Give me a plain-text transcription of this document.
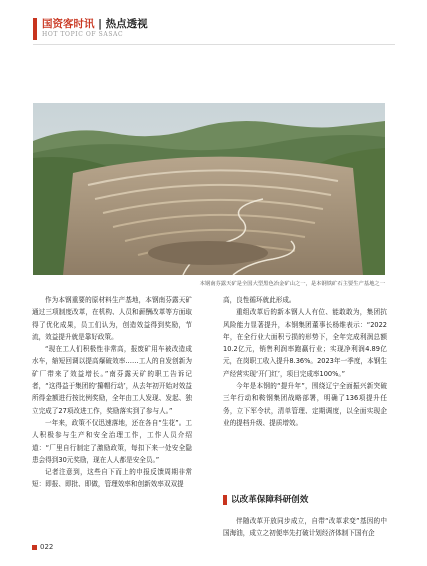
国资客时讯 | 热点透视
HOT TOPIC OF SASAC
本钢南芬露天矿是全国大型黑色冶金矿山之一，是本钢铁矿石主要生产基地之一

作为本钢重要的原材料生产基地，本钢南芬露天矿通过三项制度改革，在机构、人员和薪酬改革等方面取得了优化成果，员工们认为，创造效益得到奖励，节流，效益提升就是靠好政策。

“现在工人们积极性非常高，报废矿用车被改造成水车，缩短回调以提高爆破效率……工人的自发创新为矿厂带来了效益增长。”南芬露天矿的职工告诉记者，“这得益于集团的‘攥帽行动’，从去年初开始对效益所得金额进行按比例奖励，全年由工人发现、发起、独立完成了27项改进工作，奖励落实到了参与人。”

一年来，政策不仅迅速落地，还在各自“生花”。工人积极参与生产和安全治理工作，工作人员介绍道：“厂里自行制定了激励政策，每扣下来一处安全隐患会得到30元奖励，现在人人都是安全员。”

记者注意到，这些自下而上的申报反馈周期非常短：即报、即批、即做，管理效率和创新效率双双提

高，良性循环就此形成。

重组改革后的新本钢人人有位、能敢敢为，集团抗风险能力显著提升，本钢集团董事长杨维表示：“2022年，在全行业大面积亏损的形势下，全年完成利润总额10.2亿元，销售利润率跑赢行业；实现净利润4.89亿元，在岗职工收入提升8.36%。2023年一季度，本钢生产经营实现‘开门红’，项目完成率100%。”

今年是本钢的“提升年”，围绕辽宁全面振兴新突破三年行动和鞍钢集团战略部署，明确了136项提升任务，立下军令状，清单管理、定期调度，以全面实现企业的提档升级、提质增效。

以改革保障科研创效

伴随改革开放同步成立，自带“改革求变”基因的中国海油，成立之初便率先打破计划经济体制下国有企

022
